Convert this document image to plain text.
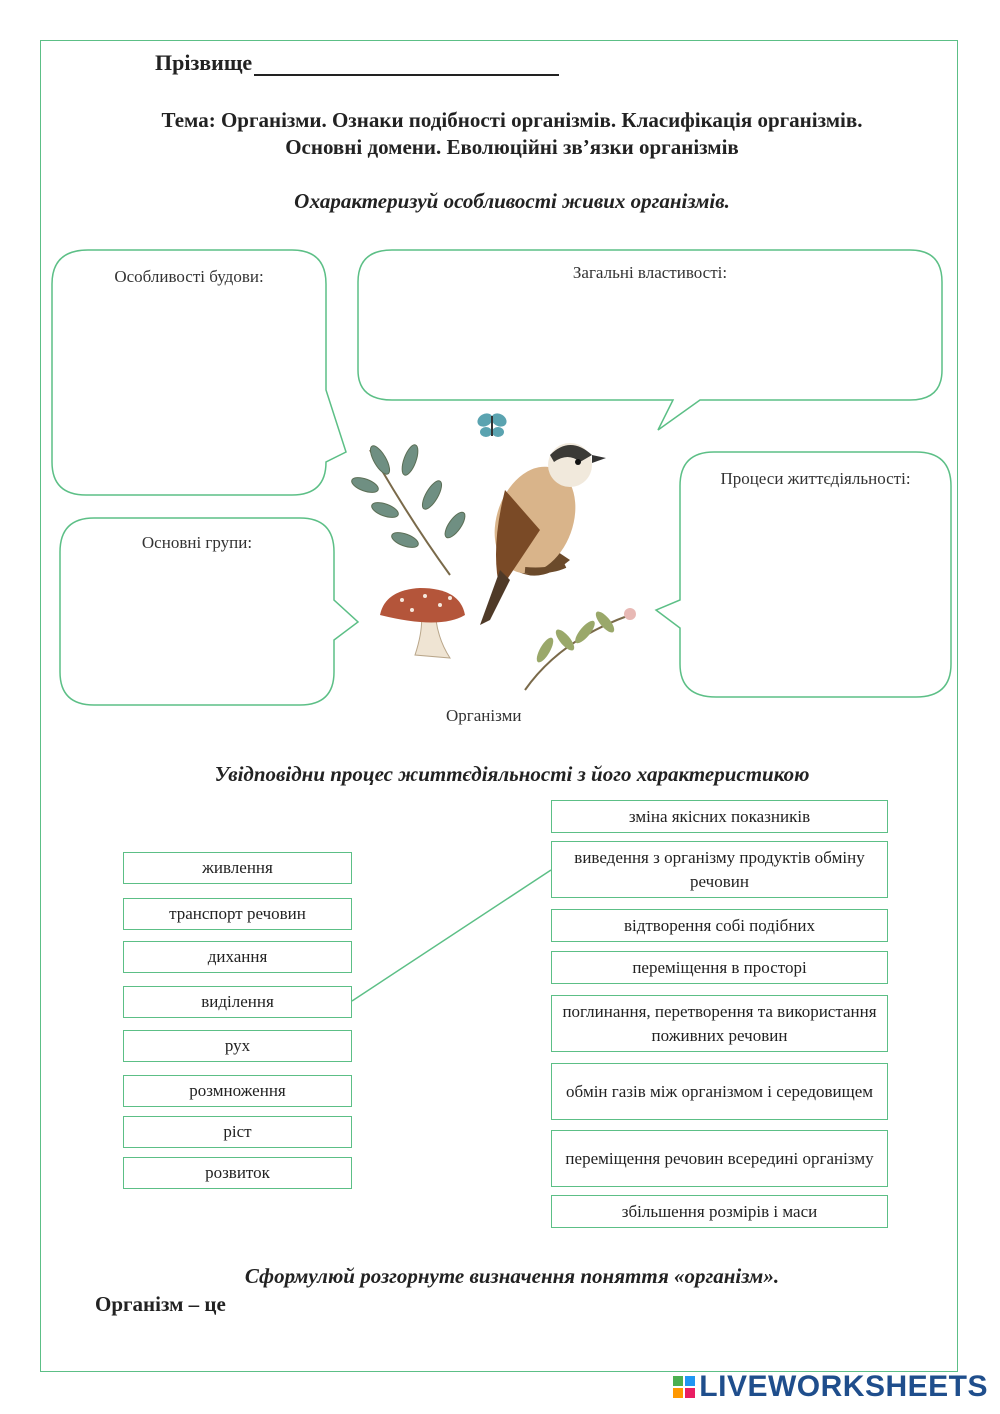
Прізвище
Тема: Організми. Ознаки подібності організмів. Класифікація організмів.
Основні домени. Еволюційні зв’язки організмів
Охарактеризуй особливості живих організмів.
Особливості будови:	Загальні властивості:
Основні групи:
Процеси життєдіяльності:
Організми
Увідповідни процес життєдіяльності з його характеристикою
живлення
транспорт речовин
дихання
виділення
рух
розмноження
ріст
розвиток
зміна якісних показників
виведення з організму продуктів обміну речовин
відтворення собі подібних
переміщення в просторі
поглинання, перетворення та використання поживних речовин
обмін газів між організмом і середовищем
переміщення речовин всередині організму
збільшення розмірів і маси
Сформулюй розгорнуте визначення поняття «організм».
Організм – це
LIVEWORKSHEETS
